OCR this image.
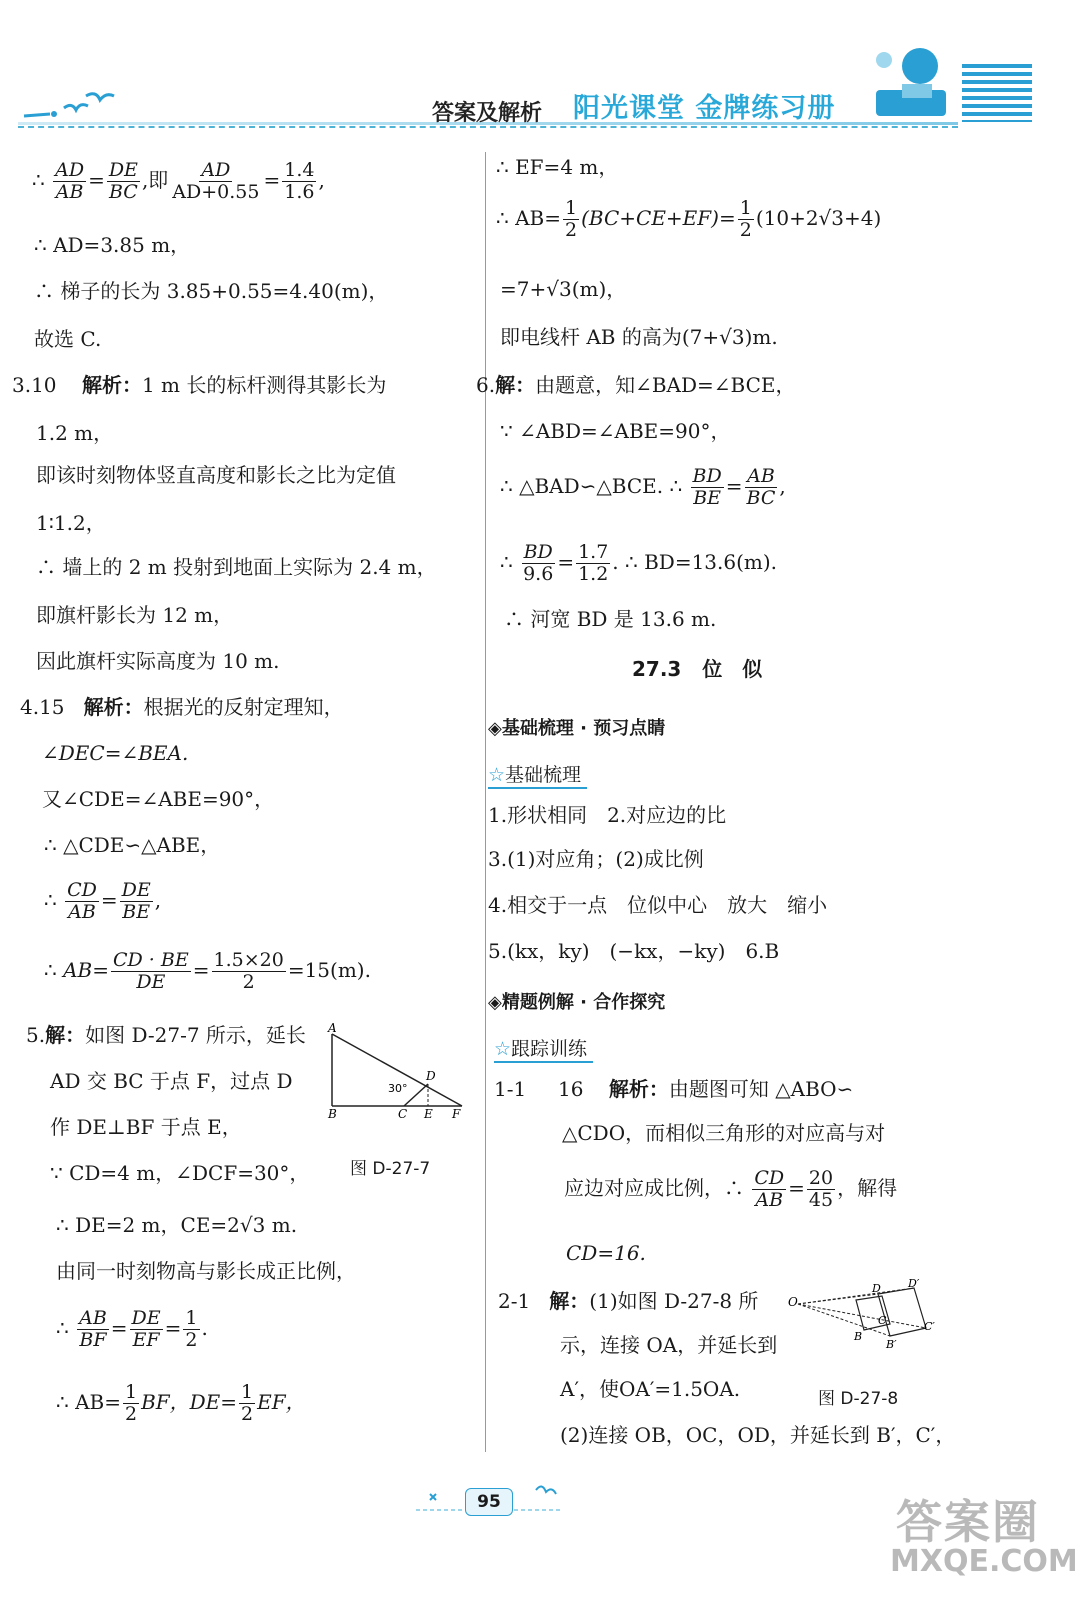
答案及解析 阳光课堂 金牌练习册
∴ $\frac{AD}{AB} = \frac{DE}{BC}$ ,即 $\frac{AD}{AD+0.55} = \frac{1.4}{1.6}$ ,
∴ AD=3.85 m，
∴ 梯子的长为 3.85+0.55=4.40(m)，
故选 C.
3.10 解析：1 m 长的标杆测得其影长为
1.2 m，
即该时刻物体竖直高度和影长之比为定值
1∶1.2，
∴ 墙上的 2 m 投射到地面上实际为 2.4 m，
即旗杆影长为 12 m，
因此旗杆实际高度为 10 m.
4.15 解析：根据光的反射定理知，
∠DEC=∠BEA.
又∠CDE=∠ABE=90°，
∴ △CDE∽△ABE，
∴ $\frac{CD}{AB} = \frac{DE}{BE}$ ,
∴ $AB= \frac{CD \cdot BE}{DE} = \frac{1.5\times 20}{2} =15(m)$.
5.解：如图 D-27-7 所示，延长
AD 交 BC 于点 F，过点 D
作 DE⊥BF 于点 E，
∵ CD=4 m，∠DCF=30°，
∴ DE=2 m，CE=2√3 m.
由同一时刻物高与影长成正比例，
∴ $\frac{AB}{BF} = \frac{DE}{EF} = \frac{1}{2}$ .
∴ $AB= \frac{1}{2}$ BF，$DE= \frac{1}{2}$ EF，
A
B	C E F
D
30°
图 D-27-7
∴ EF=4 m，
∴ $AB= \frac{1}{2} (BC+CE+EF)= \frac{1}{2} (10+2√3+4)$
=7+√3(m)，
即电线杆 AB 的高为(7+√3)m.
6.解：由题意，知∠BAD=∠BCE，
∵ ∠ABD=∠ABE=90°，
∴ △BAD∽△BCE. ∴ $\frac{BD}{BE} = \frac{AB}{BC}$ ,
∴ $\frac{BD}{9.6} = \frac{1.7}{1.2}$ . ∴ BD=13.6(m).
∴ 河宽 BD 是 13.6 m.
27.3 位　似
◈基础梳理 · 预习点睛
☆基础梳理
1.形状相同　2.对应边的比
3.(1)对应角；(2)成比例
4.相交于一点　位似中心　放大　缩小
5.(kx，ky)　(−kx，−ky)　6.B
◈精题例解 · 合作探究
☆跟踪训练
1-1 16 解析：由题图可知 △ABO∽
△CDO，而相似三角形的对应高与对
应边对应成比例，∴ $\frac{CD}{AB} = \frac{20}{45}$ ，解得
CD=16.
2-1 解：(1)如图 D-27-8 所
示，连接 OA，并延长到
A′，使OA′=1.5OA.
(2)连接 OB，OC，OD，并延长到 B′，C′，
O
D D′
C′
B
C
B′
图 D-27-8
95	答案圈
MXQE.COM
